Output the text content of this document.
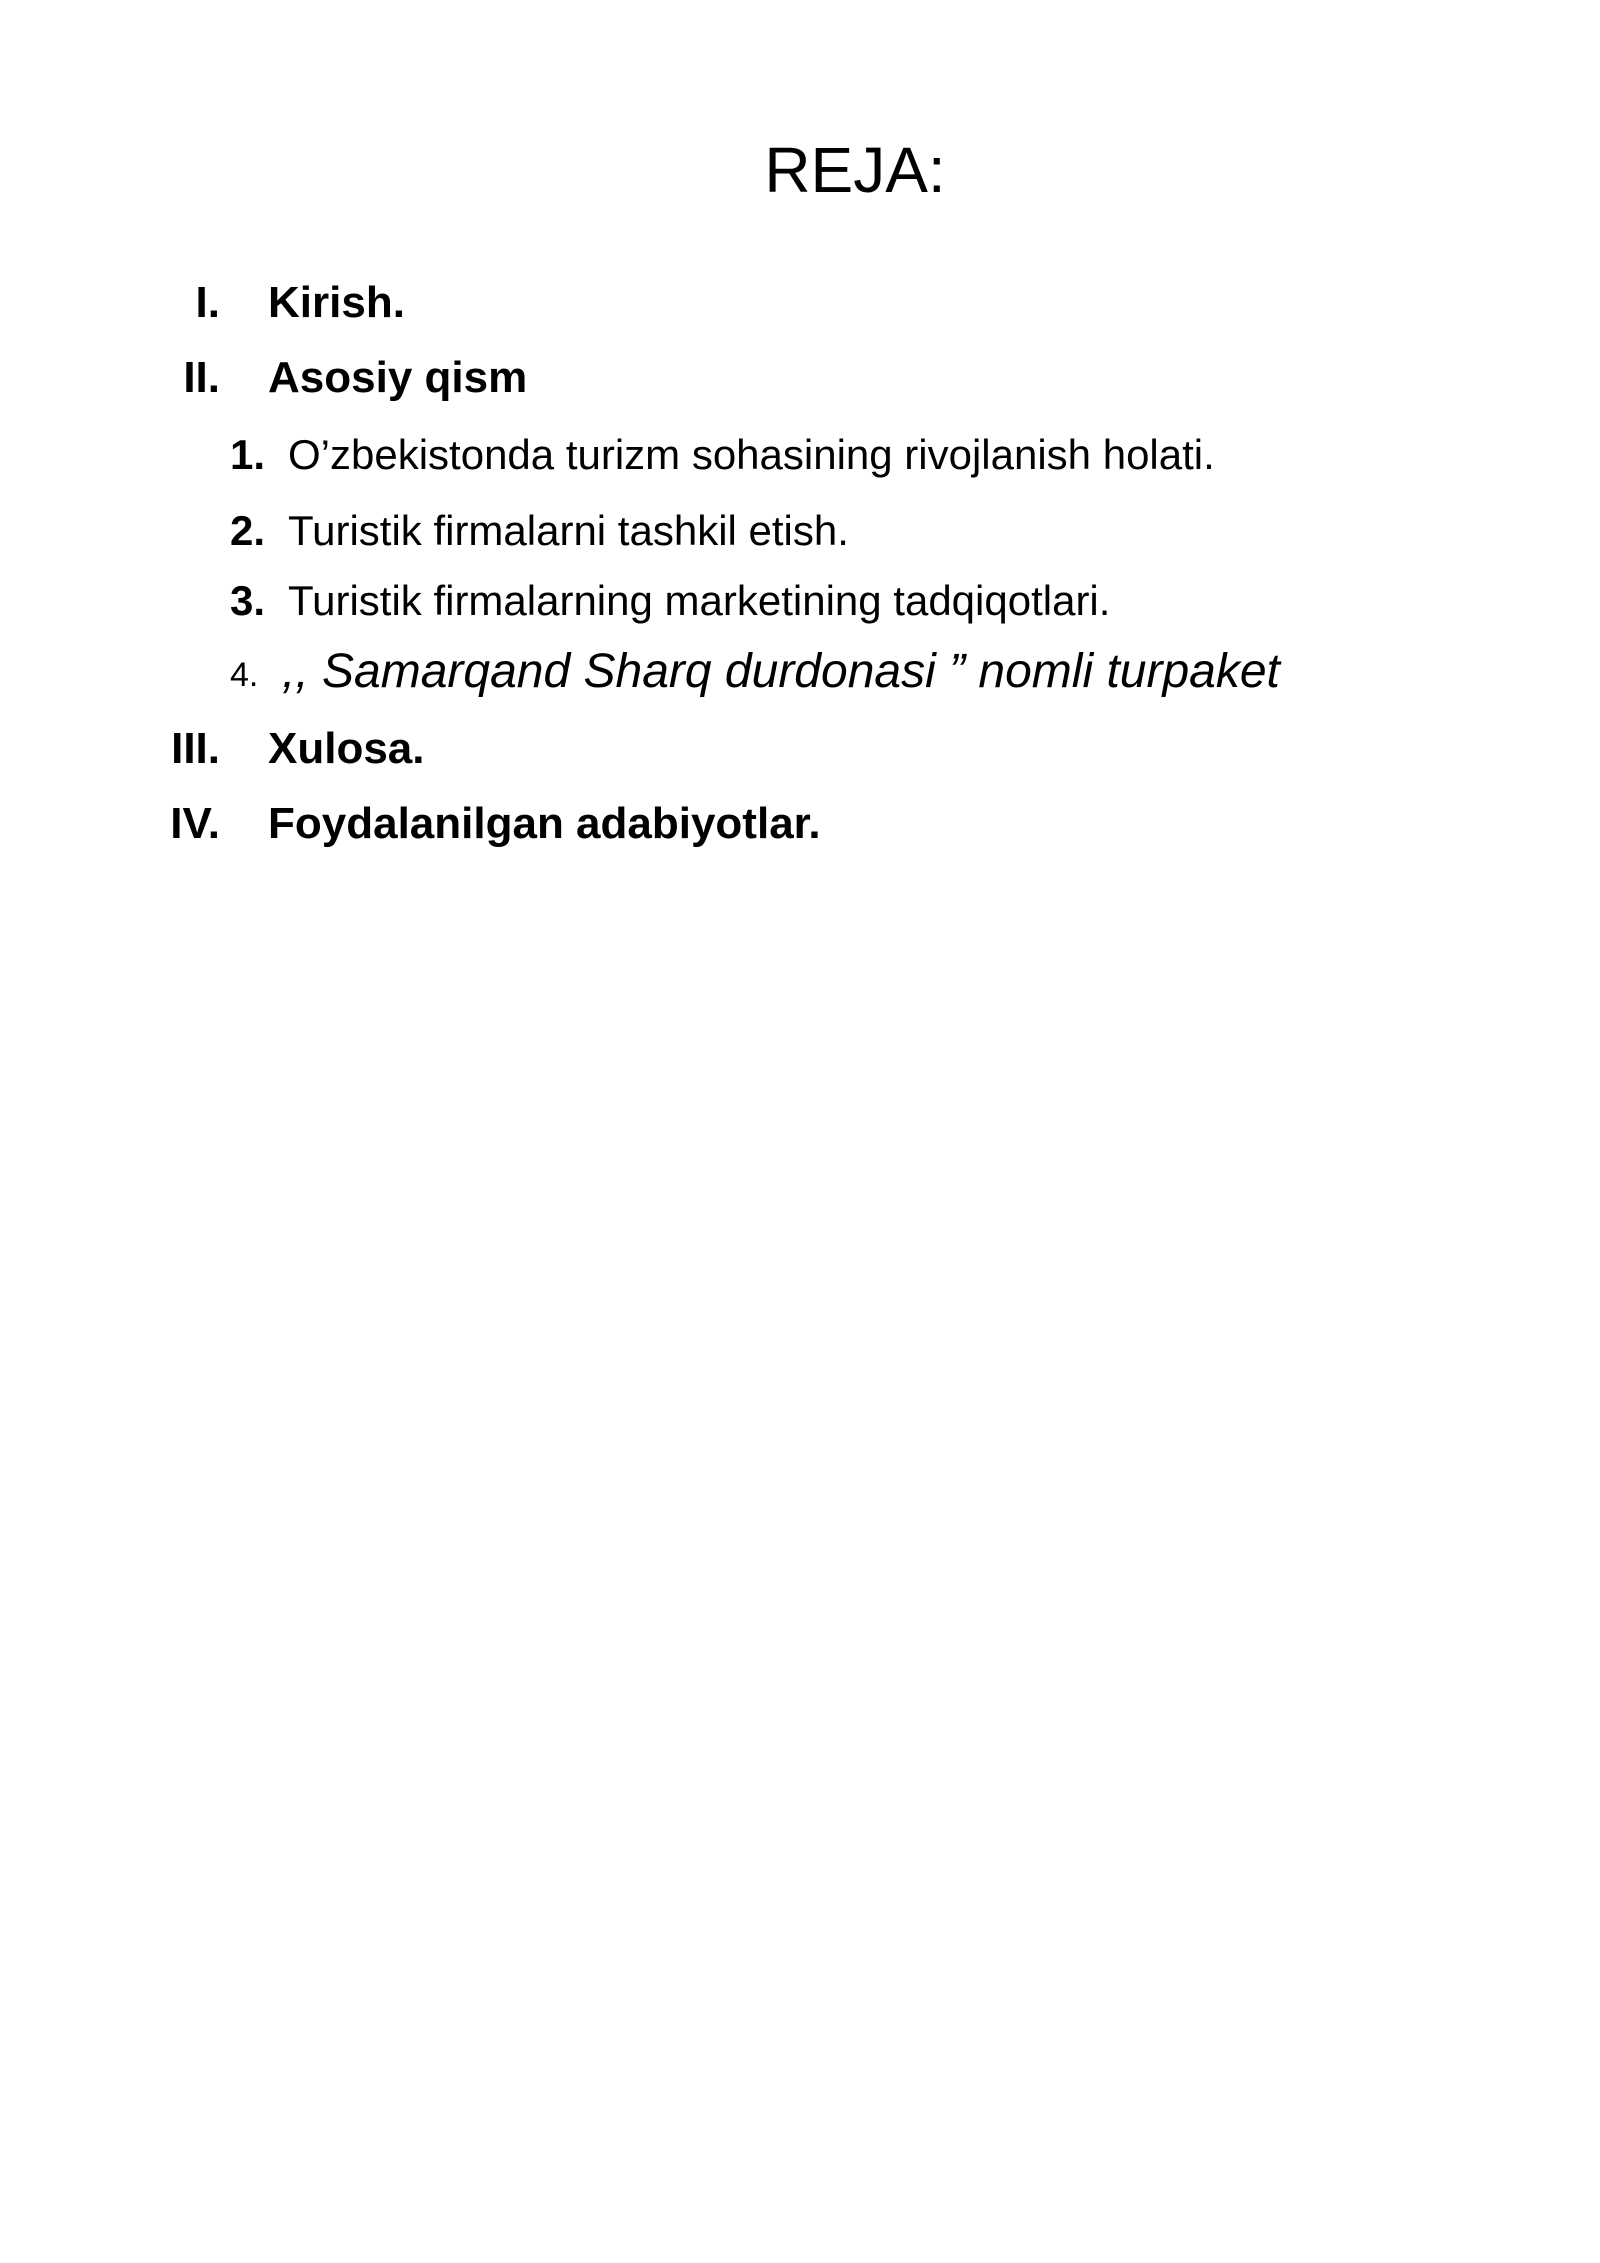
REJA:
I. Kirish.
II. Asosiy qism
1. O’zbekistonda turizm sohasining rivojlanish holati.
2. Turistik firmalarni tashkil etish.
3. Turistik firmalarning marketining tadqiqotlari.
4. ,, Samarqand Sharq durdonasi ” nomli turpaket
III. Xulosa.
IV. Foydalanilgan adabiyotlar.
